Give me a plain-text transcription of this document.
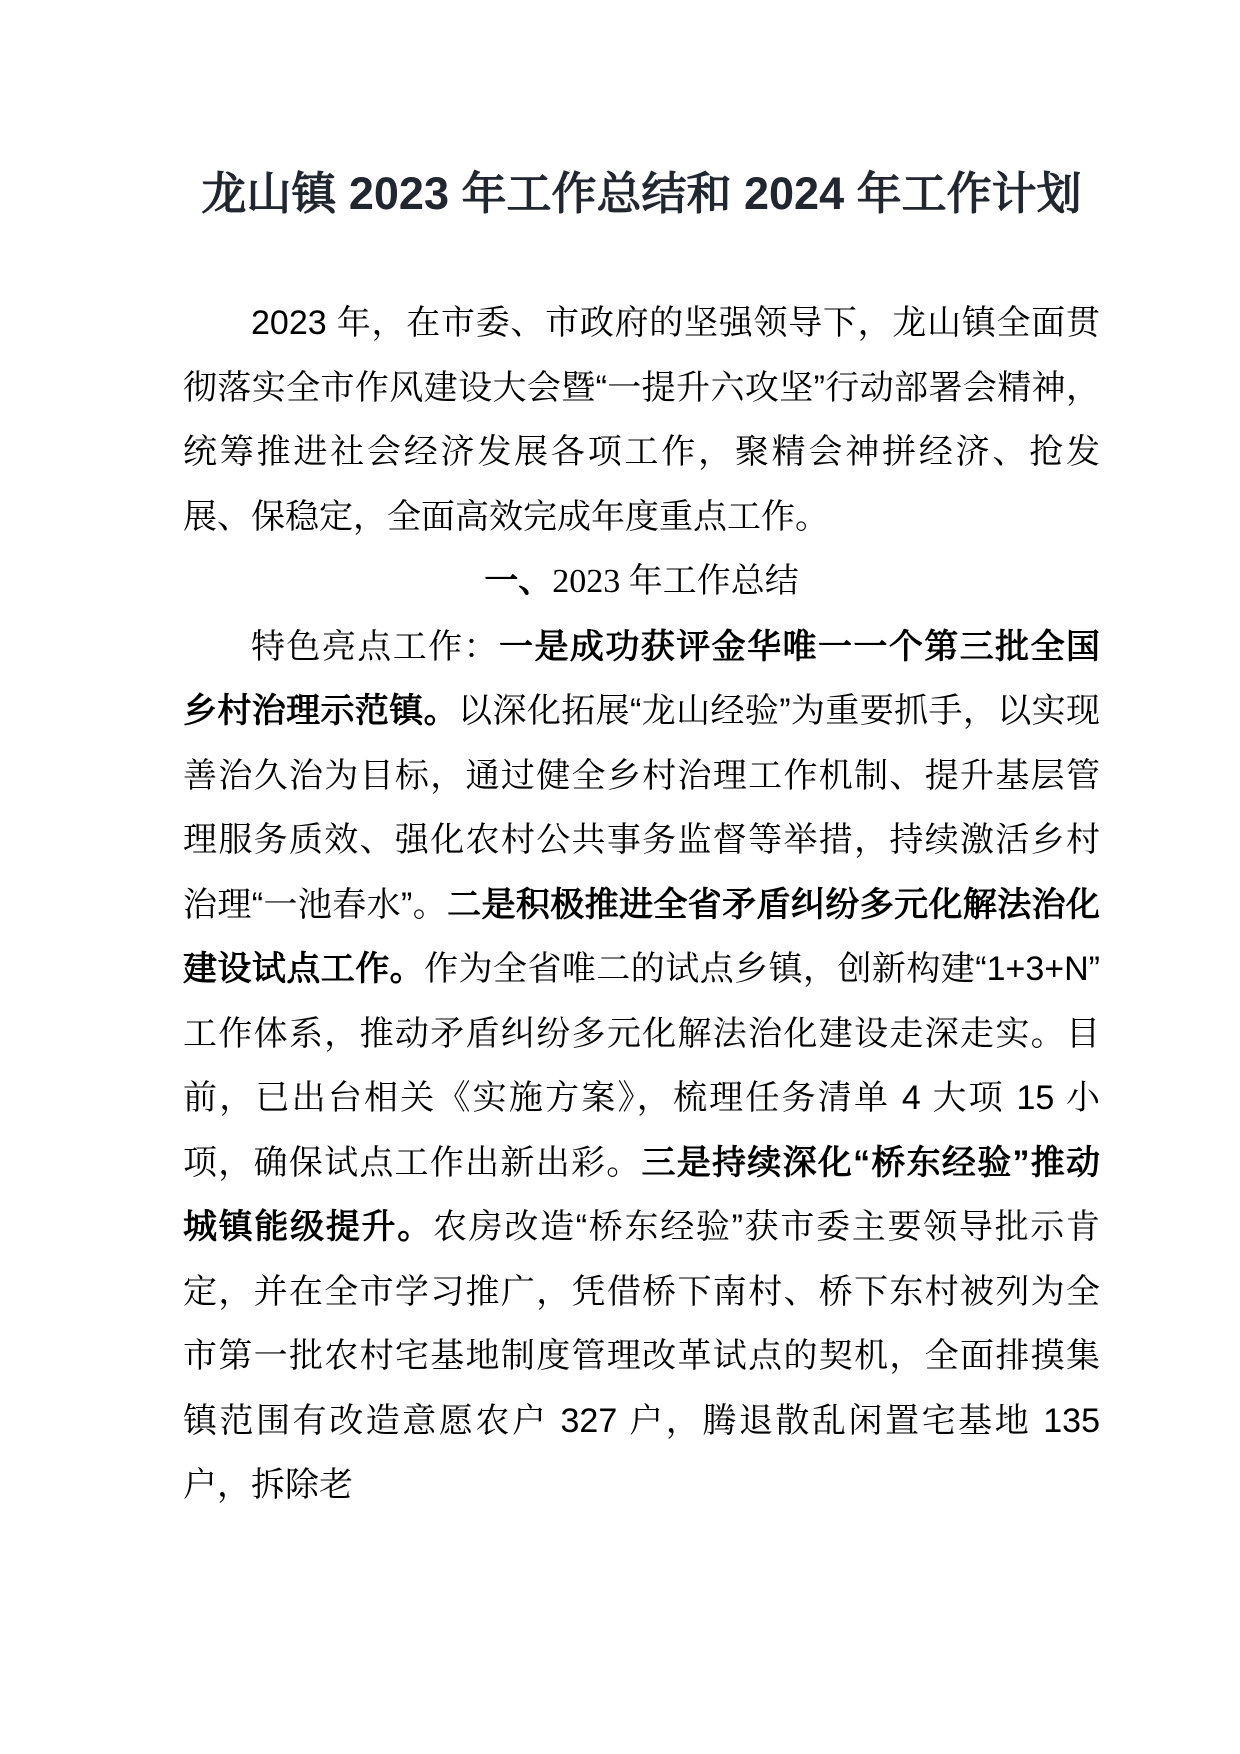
龙山镇 2023 年工作总结和 2024 年工作计划

2023 年，在市委、市政府的坚强领导下，龙山镇全面贯彻落实全市作风建设大会暨“一提升六攻坚”行动部署会精神，统筹推进社会经济发展各项工作，聚精会神拼经济、抢发展、保稳定，全面高效完成年度重点工作。

一、2023 年工作总结

特色亮点工作：一是成功获评金华唯一一个第三批全国乡村治理示范镇。以深化拓展“龙山经验”为重要抓手，以实现善治久治为目标，通过健全乡村治理工作机制、提升基层管理服务质效、强化农村公共事务监督等举措，持续激活乡村治理“一池春水”。二是积极推进全省矛盾纠纷多元化解法治化建设试点工作。作为全省唯二的试点乡镇，创新构建“1+3+N”工作体系，推动矛盾纠纷多元化解法治化建设走深走实。目前，已出台相关《实施方案》，梳理任务清单 4 大项 15 小项，确保试点工作出新出彩。三是持续深化“桥东经验”推动城镇能级提升。农房改造“桥东经验”获市委主要领导批示肯定，并在全市学习推广，凭借桥下南村、桥下东村被列为全市第一批农村宅基地制度管理改革试点的契机，全面排摸集镇范围有改造意愿农户 327 户，腾退散乱闲置宅基地 135 户，拆除老
